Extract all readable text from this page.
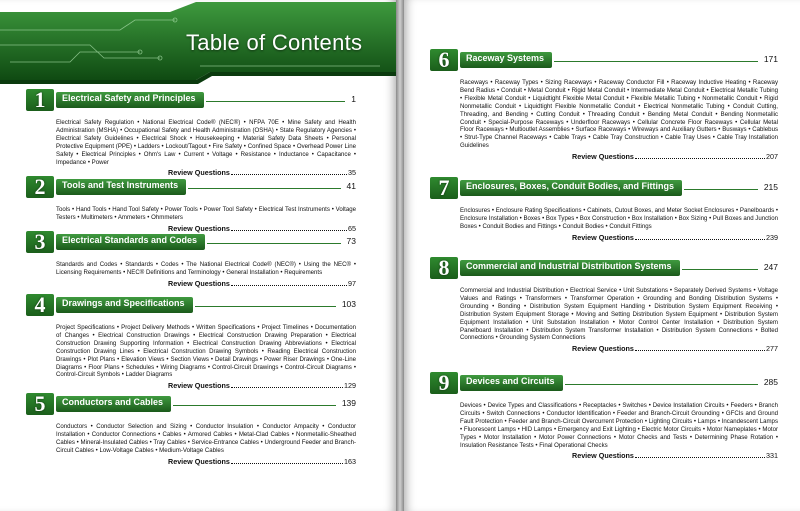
Table of Contents
1	Electrical Safety and Principles	1
Electrical Safety Regulation • National Electrical Code® (NEC®) • NFPA 70E • Mine Safety and Health Administration (MSHA) • Occupational Safety and Health Administration (OSHA) • State Regulatory Agencies • Electrical Safety Guidelines • Electrical Shock • Housekeeping • Material Safety Data Sheets • Personal Protective Equipment (PPE) • Ladders • Lockout/Tagout • Fire Safety • Confined Space • Overhead Power Line Safety • Electrical Principles • Ohm's Law • Current • Voltage • Resistance • Inductance • Capacitance • Impedance • Power
Review Questions	35
2	Tools and Test Instruments	41
Tools • Hand Tools • Hand Tool Safety • Power Tools • Power Tool Safety • Electrical Test Instruments • Voltage Testers • Multimeters • Ammeters • Ohmmeters
Review Questions	65
3	Electrical Standards and Codes	73
Standards and Codes • Standards • Codes • The National Electrical Code® (NEC®) • Using the NEC® • Licensing Requirements • NEC® Definitions and Terminology • General Installation • Requirements
Review Questions	97
4	Drawings and Specifications	103
Project Specifications • Project Delivery Methods • Written Specifications • Project Timelines • Documentation of Changes • Electrical Construction Drawings • Electrical Construction Drawing Preparation • Electrical Construction Drawing Supporting Information • Electrical Construction Drawing Abbreviations • Electrical Construction Drawing Lines • Electrical Construction Drawing Symbols • Reading Electrical Construction Drawings • Plot Plans • Elevation Views • Section Views • Detail Drawings • Power Riser Drawings • One-Line Diagrams • Floor Plans • Schedules • Wiring Diagrams • Control-Circuit Drawings • Control-Circuit Diagrams • Control-Circuit Symbols • Ladder Diagrams
Review Questions	129
5	Conductors and Cables	139
Conductors • Conductor Selection and Sizing • Conductor Insulation • Conductor Ampacity • Conductor Installation • Conductor Connections • Cables • Armored Cables • Metal-Clad Cables • Nonmetallic-Sheathed Cables • Mineral-Insulated Cables • Tray Cables • Service-Entrance Cables • Underground Feeder and Branch-Circuit Cables • Low-Voltage Cables • Medium-Voltage Cables
Review Questions	163
6	Raceway Systems	171
Raceways • Raceway Types • Sizing Raceways • Raceway Conductor Fill • Raceway Inductive Heating • Raceway Bend Radius • Conduit • Metal Conduit • Rigid Metal Conduit • Intermediate Metal Conduit • Electrical Metallic Tubing • Flexible Metal Conduit • Liquidtight Flexible Metal Conduit • Flexible Metallic Tubing • Nonmetallic Conduit • Rigid Nonmetallic Conduit • Liquidtight Flexible Nonmetallic Conduit • Electrical Nonmetallic Tubing • Conduit Cutting, Threading, and Bending • Cutting Conduit • Threading Conduit • Bending Metal Conduit • Bending Nonmetallic Conduit • Special-Purpose Raceways • Underfloor Raceways • Cellular Concrete Floor Raceways • Cellular Metal Floor Raceways • Multioutlet Assemblies • Surface Raceways • Wireways and Auxiliary Gutters • Busways • Cablebus • Strut-Type Channel Raceways • Cable Trays • Cable Tray Construction • Cable Tray Uses • Cable Tray Installation Guidelines
Review Questions	207
7	Enclosures, Boxes, Conduit Bodies, and Fittings	215
Enclosures • Enclosure Rating Specifications • Cabinets, Cutout Boxes, and Meter Socket Enclosures • Panelboards • Enclosure Installation • Boxes • Box Types • Box Construction • Box Installation • Box Sizing • Pull Boxes and Junction Boxes • Conduit Bodies and Fittings • Conduit Bodies • Conduit Fittings
Review Questions	239
8	Commercial and Industrial Distribution Systems	247
Commercial and Industrial Distribution • Electrical Service • Unit Substations • Separately Derived Systems • Voltage Values and Ratings • Transformers • Transformer Operation • Grounding and Bonding Distribution Systems • Grounding • Bonding • Distribution System Equipment Handling • Distribution System Equipment Receiving • Distribution System Equipment Storage • Moving and Setting Distribution System Equipment • Distribution System Equipment Installation • Unit Substation Installation • Motor Control Center Installation • Distribution System Panelboard Installation • Distribution System Transformer Installation • Distribution System Connections • Bolted Connections • Grounding System Connections
Review Questions	277
9	Devices and Circuits	285
Devices • Device Types and Classifications • Receptacles • Switches • Device Installation Circuits • Feeders • Branch Circuits • Switch Connections • Conductor Identification • Feeder and Branch-Circuit Grounding • GFCIs and Ground Fault Protection • Feeder and Branch-Circuit Overcurrent Protection • Lighting Circuits • Lamps • Incandescent Lamps • Fluorescent Lamps • HID Lamps • Emergency and Exit Lighting • Electric Motor Circuits • Motor Nameplates • Motor Types • Motor Installation • Motor Power Connections • Motor Checks and Tests • Determining Phase Rotation • Insulation Resistance Tests • Final Operational Checks
Review Questions	331
